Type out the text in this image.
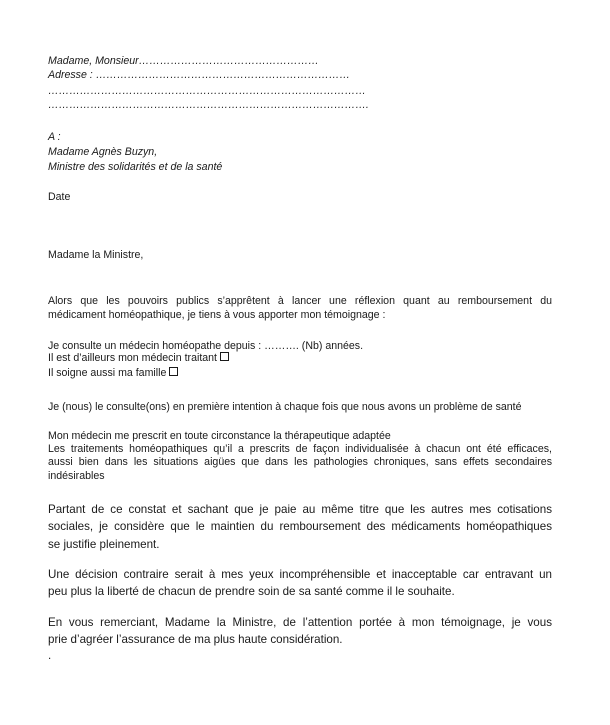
Madame, Monsieur……………………………………………
Adresse : ………………………………………………………………
………………………………………………………………………………
……………………………………………………………………………….
A :
Madame Agnès Buzyn,
Ministre des solidarités et de la santé
Date
Madame la Ministre,
Alors que les pouvoirs publics s’apprêtent à lancer une réflexion quant au remboursement du
médicament homéopathique, je tiens à vous apporter mon témoignage :
Je consulte un médecin homéopathe depuis : ………. (Nb) années.
Il est d’ailleurs mon médecin traitant
Il soigne aussi ma famille
Je (nous) le consulte(ons) en première intention à chaque fois que nous avons un problème de santé
Mon médecin me prescrit en toute circonstance la thérapeutique adaptée
Les traitements homéopathiques qu’il a prescrits de façon individualisée à chacun ont été efficaces,
aussi bien dans les situations aigües que dans les pathologies chroniques, sans effets secondaires
indésirables
Partant de ce constat et sachant que je paie au même titre que les autres mes cotisations
sociales, je considère que le maintien du remboursement des médicaments homéopathiques
se justifie pleinement.
Une décision contraire serait à mes yeux incompréhensible et inacceptable car entravant un
peu plus la liberté de chacun de prendre soin de sa santé comme il le souhaite.
En vous remerciant, Madame la Ministre, de l’attention portée à mon témoignage, je vous
prie d’agréer l’assurance de ma plus haute considération.
.
